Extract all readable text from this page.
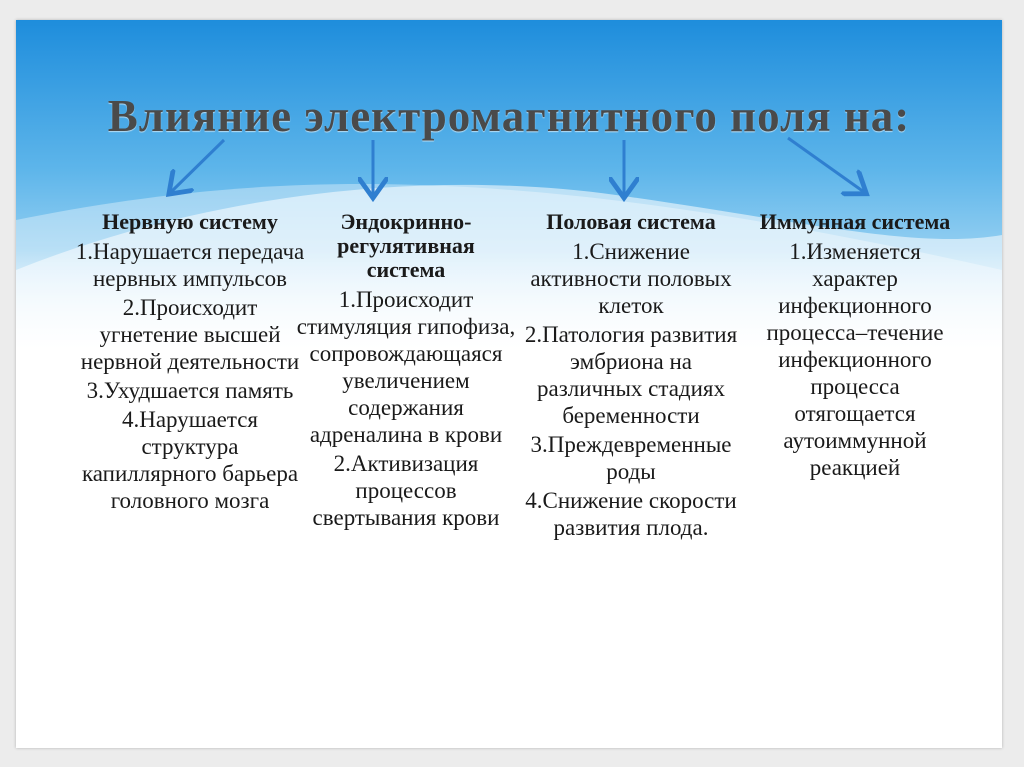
Влияние электромагнитного поля на:
Нервную систему
1.Нарушается передача нервных импульсов
2.Происходит угнетение высшей нервной деятельности
3.Ухудшается память
4.Нарушается структура капиллярного барьера головного мозга
Эндокринно-регулятивная система
1.Происходит стимуляция гипофиза, сопровождающаяся увеличением содержания адреналина в крови
2.Активизация процессов свертывания крови
Половая система
1.Снижение активности половых клеток
2.Патология развития эмбриона на различных стадиях беременности
3.Преждевременные роды
4.Снижение скорости развития плода.
Иммунная система
1.Изменяется характер инфекционного процесса–течение инфекционного процесса отягощается аутоиммунной реакцией
